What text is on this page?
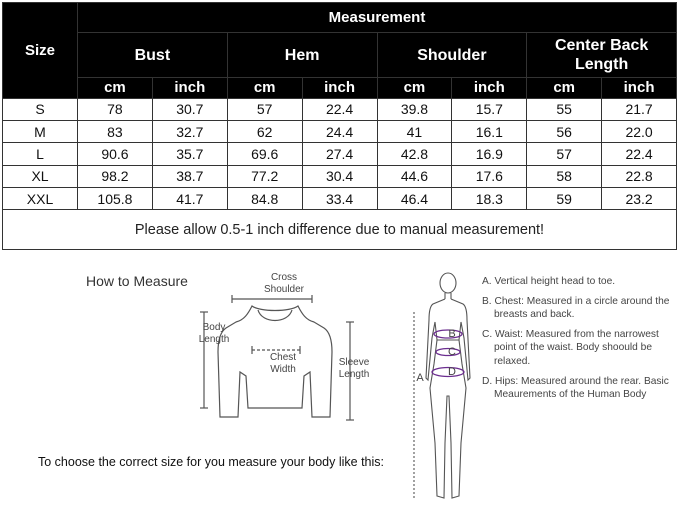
Size	Measurement							
	Bust		Hem		Shoulder		Center Back Length	
	cm	inch	cm	inch	cm	inch	cm	inch
S	78	30.7	57	22.4	39.8	15.7	55	21.7
M	83	32.7	62	24.4	41	16.1	56	22.0
L	90.6	35.7	69.6	27.4	42.8	16.9	57	22.4
XL	98.2	38.7	77.2	30.4	44.6	17.6	58	22.8
XXL	105.8	41.7	84.8	33.4	46.4	18.3	59	23.2
Please allow 0.5-1 inch difference due to manual measurement!								
How to Measure	Cross Shoulder
Body Length
Chest Width
Sleeve Length
To choose the correct size for you measure your body like this:
B
C
D
A
A. Vertical height head to toe.
B. Chest: Measured in a circle around the breasts and back.
C. Waist: Measured from the narrowest point of the waist. Body shoould be relaxed.
D. Hips: Measured around the rear. Basic Meaurements of the Human Body
